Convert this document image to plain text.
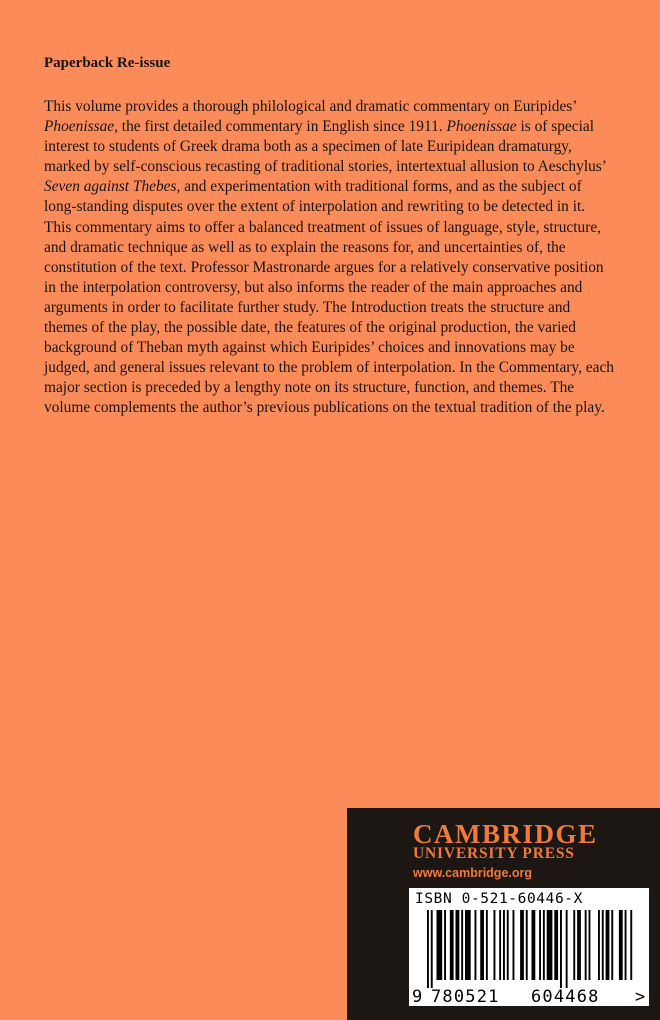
Paperback Re-issue

This volume provides a thorough philological and dramatic commentary on Euripides’
Phoenissae, the first detailed commentary in English since 1911. Phoenissae is of special interest to students of Greek drama both as a specimen of late Euripidean dramaturgy, marked by self-conscious recasting of traditional stories, intertextual allusion to Aeschylus’ Seven against Thebes, and experimentation with traditional forms, and as the subject of long-standing disputes over the extent of interpolation and rewriting to be detected in it. This commentary aims to offer a balanced treatment of issues of language, style, structure, and dramatic technique as well as to explain the reasons for, and uncertainties of, the constitution of the text. Professor Mastronarde argues for a relatively conservative position in the interpolation controversy, but also informs the reader of the main approaches and arguments in order to facilitate further study. The Introduction treats the structure and themes of the play, the possible date, the features of the original production, the varied background of Theban myth against which Euripides’ choices and innovations may be judged, and general issues relevant to the problem of interpolation. In the Commentary, each major section is preceded by a lengthy note on its structure, function, and themes. The volume complements the author’s previous publications on the textual tradition of the play.

CAMBRIDGE

UNIVERSITY PRESS

www.cambridge.org

ISBN 0-521-60446-X

9 780521 604468 >
